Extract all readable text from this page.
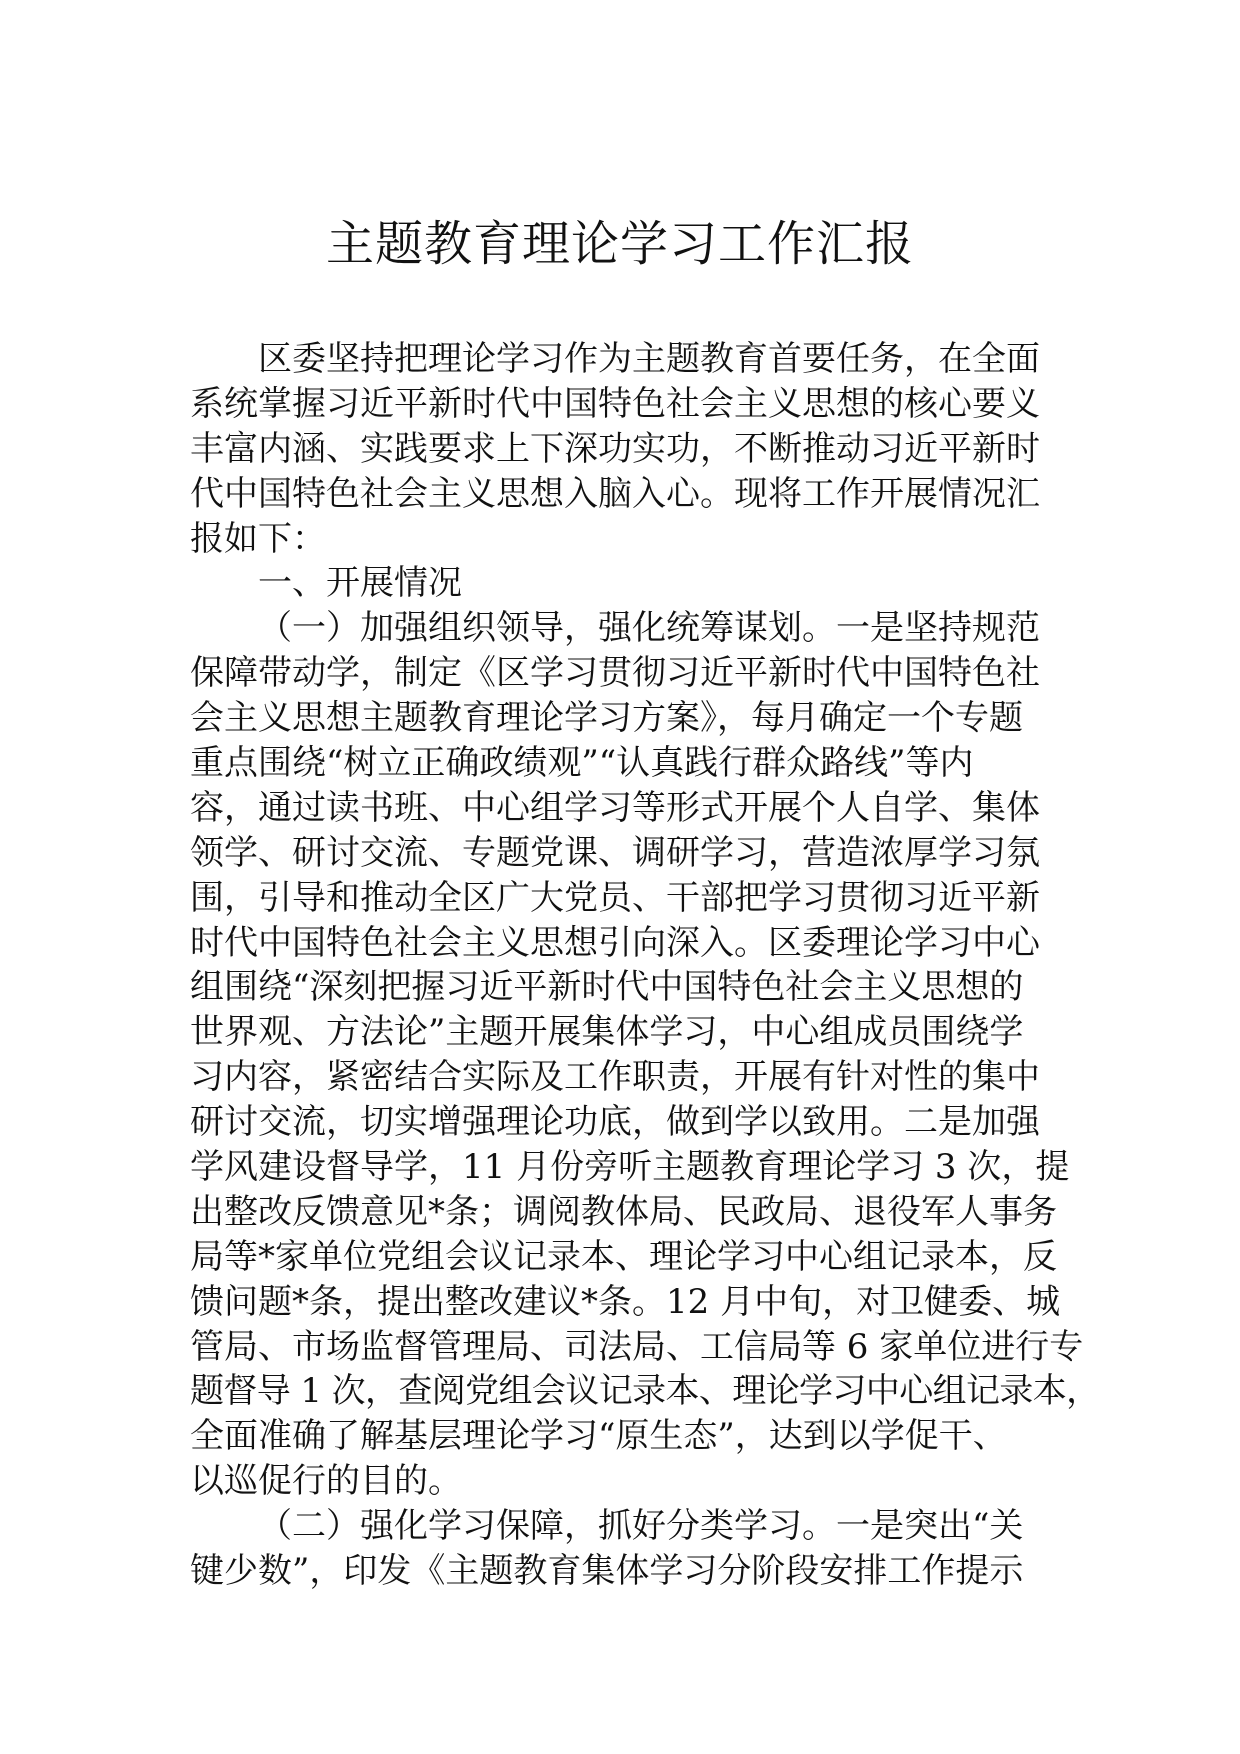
主题教育理论学习工作汇报
区委坚持把理论学习作为主题教育首要任务，在全面
系统掌握习近平新时代中国特色社会主义思想的核心要义
丰富内涵、实践要求上下深功实功，不断推动习近平新时
代中国特色社会主义思想入脑入心。现将工作开展情况汇
报如下：
一、开展情况
（一）加强组织领导，强化统筹谋划。一是坚持规范
保障带动学，制定《区学习贯彻习近平新时代中国特色社
会主义思想主题教育理论学习方案》，每月确定一个专题
重点围绕“树立正确政绩观”“认真践行群众路线”等内
容，通过读书班、中心组学习等形式开展个人自学、集体
领学、研讨交流、专题党课、调研学习，营造浓厚学习氛
围，引导和推动全区广大党员、干部把学习贯彻习近平新
时代中国特色社会主义思想引向深入。区委理论学习中心
组围绕“深刻把握习近平新时代中国特色社会主义思想的
世界观、方法论”主题开展集体学习，中心组成员围绕学
习内容，紧密结合实际及工作职责，开展有针对性的集中
研讨交流，切实增强理论功底，做到学以致用。二是加强
学风建设督导学，11 月份旁听主题教育理论学习 3 次，提
出整改反馈意见*条；调阅教体局、民政局、退役军人事务
局等*家单位党组会议记录本、理论学习中心组记录本，反
馈问题*条，提出整改建议*条。12 月中旬，对卫健委、城
管局、市场监督管理局、司法局、工信局等 6 家单位进行专
题督导 1 次，查阅党组会议记录本、理论学习中心组记录本，
全面准确了解基层理论学习“原生态”，达到以学促干、
以巡促行的目的。
（二）强化学习保障，抓好分类学习。一是突出“关
键少数”，印发《主题教育集体学习分阶段安排工作提示
